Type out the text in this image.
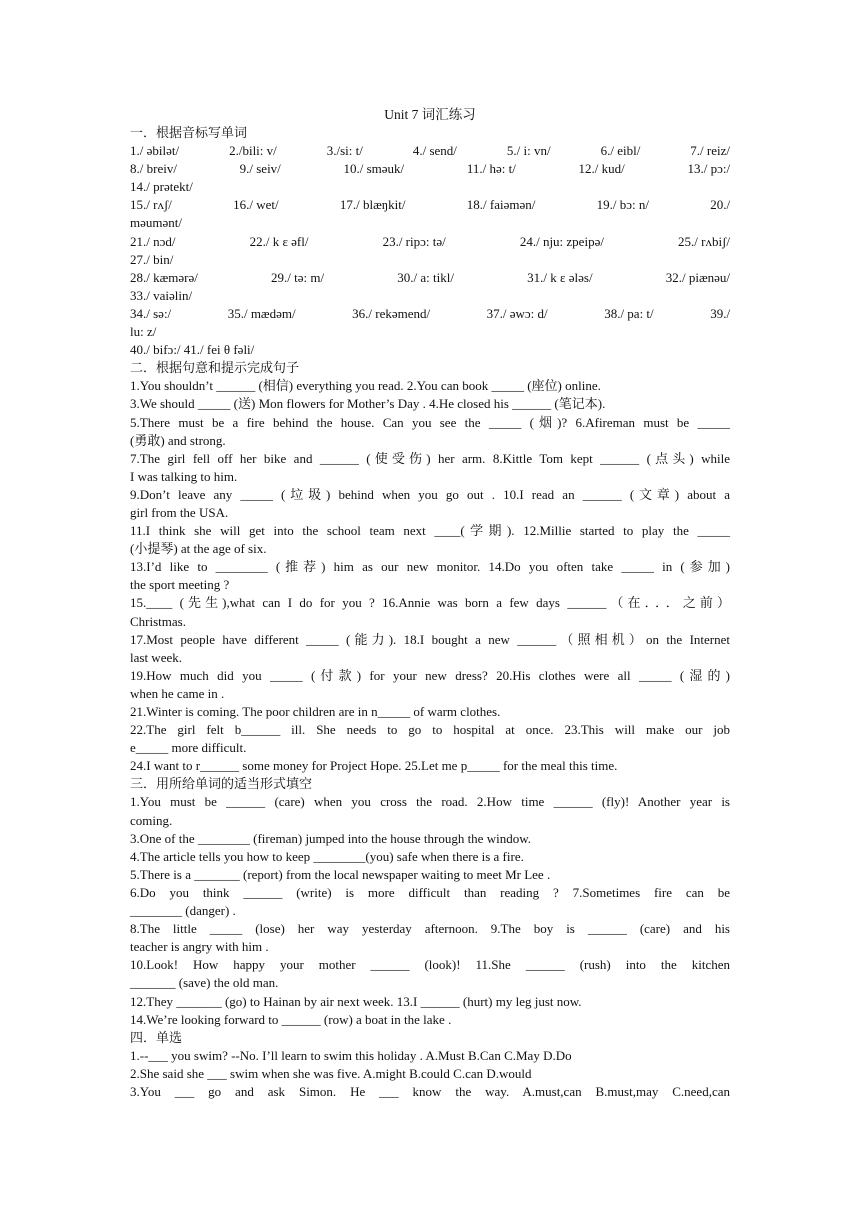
Unit 7 词汇练习
一．根据音标写单词
1./ əbilət/	2./bili: v/	3./si: t/	4./ send/	5./ i: vn/	6./ eibl/	7./ reiz/
8./ breiv/	9./ seiv/	10./ sməuk/	11./ hə: t/	12./ kud/	13./ pɔ:/
14./ prətekt/
15./ rʌʃ/	16./ wet/	17./ blæŋkit/	18./ faiəmən/	19./ bɔ: n/	20./
məumənt/
21./ nɔd/	22./ k ɛ əfl/	23./ ripɔ: tə/	24./ nju: zpeipə/	25./ rʌbiʃ/
27./ bin/
28./ kæmərə/	29./ tə: m/	30./ a: tikl/	31./ k ɛ ələs/	32./ piænəu/
33./ vaiəlin/
34./ sə:/	35./ mædəm/	36./ rekəmend/	37./ əwɔ: d/	38./ pa: t/	39./
lu: z/
40./ bifɔ:/ 41./ fei θ fəli/
二．根据句意和提示完成句子
1.You shouldn’t ______ (相信) everything you read. 2.You can book _____ (座位) online.
3.We should _____ (送) Mon flowers for Mother’s Day . 4.He closed his ______ (笔记本).
5.There must be a fire behind the house. Can you see the _____ (烟)? 6.Afireman must be _____
(勇敢) and strong.
7.The girl fell off her bike and ______ (使受伤) her arm. 8.Kittle Tom kept ______ (点头) while
I was talking to him.
9.Don’t leave any _____ (垃圾) behind when you go out . 10.I read an ______ (文章) about a
girl from the USA.
11.I think she will get into the school team next ____(学期). 12.Millie started to play the _____
(小提琴) at the age of six.
13.I’d like to ________ (推荐) him as our new monitor. 14.Do you often take _____ in (参加)
the sport meeting ?
15.____ (先生),what can I do for you ? 16.Annie was born a few days ______（在．．．之前）
Christmas.
17.Most people have different _____ (能力). 18.I bought a new ______（照相机）on the Internet
last week.
19.How much did you _____ (付款) for your new dress? 20.His clothes were all _____ (湿的)
when he came in .
21.Winter is coming. The poor children are in n_____ of warm clothes.
22.The girl felt b______ ill. She needs to go to hospital at once. 23.This will make our job
e_____ more difficult.
24.I want to r______ some money for Project Hope. 25.Let me p_____ for the meal this time.
三．用所给单词的适当形式填空
1.You must be ______ (care) when you cross the road. 2.How time ______ (fly)! Another year is
coming.
3.One of the ________ (fireman) jumped into the house through the window.
4.The article tells you how to keep ________(you) safe when there is a fire.
5.There is a _______ (report) from the local newspaper waiting to meet Mr Lee .
6.Do you think ______ (write) is more difficult than reading ? 7.Sometimes fire can be
________ (danger) .
8.The little _____ (lose) her way yesterday afternoon. 9.The boy is ______ (care) and his
teacher is angry with him .
10.Look! How happy your mother ______ (look)! 11.She ______ (rush) into the kitchen
_______ (save) the old man.
12.They _______ (go) to Hainan by air next week. 13.I ______ (hurt) my leg just now.
14.We’re looking forward to ______ (row) a boat in the lake .
四．单选
1.--___ you swim? --No. I’ll learn to swim this holiday . A.Must B.Can C.May D.Do
2.She said she ___ swim when she was five. A.might B.could C.can D.would
3.You ___ go and ask Simon. He ___ know the way. A.must,can B.must,may C.need,can
